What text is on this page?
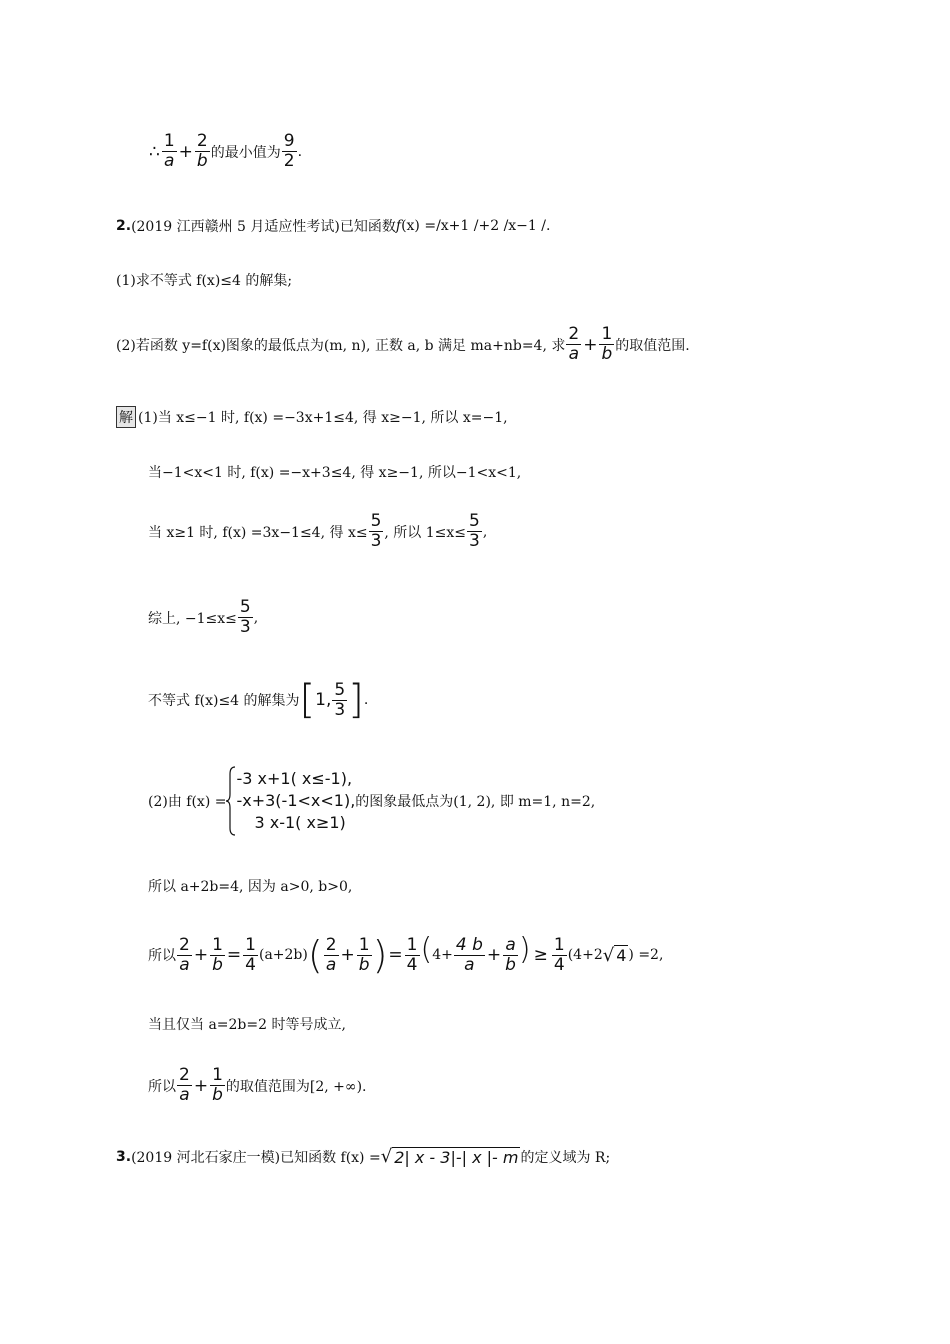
∴ $\frac{1}{a} + \frac{2}{b}$ 的最小值为 $\frac{9}{2}$ .
2. (2019 江西赣州 5 月适应性考试)已知函数 f (x) =/x+1 /+2 /x−1 /.
(1)求不等式 f(x)≤4 的解集;
(2)若函数 y=f(x)图象的最低点为(m, n), 正数 a, b 满足 ma+nb=4, 求 $\frac{2}{a} + \frac{1}{b}$ 的取值范围.
解 (1)当 x≤−1 时, f(x) =−3x+1≤4, 得 x≥−1, 所以 x=−1,
当−1<x<1 时, f(x) =−x+3≤4, 得 x≥−1, 所以−1<x<1,
当 x≥1 时, f(x) =3x−1≤4, 得 $x\le \frac{5}{3}$ , 所以 $1\le x\le \frac{5}{3}$ ,
综上, $-1\le x\le \frac{5}{3}$ ,
不等式 f(x)≤4 的解集为 [ 1, $\frac{5}{3}$ ] .
(2)由 f(x) =
-3 x+1( x≤-1),
-x+3(-1<x<1),
3 x-1( x≥1)
的图象最低点为(1, 2), 即 m=1, n=2,
所以 a+2b=4, 因为 a>0, b>0,
所以 $\frac{2}{a} + \frac{1}{b} = \frac{1}{4} (a+2b)$ ( $\frac{2}{a} + \frac{1}{b}$ ) = $\frac{1}{4}$ ( $4+ \frac{4 b}{a} + \frac{a}{b}$ ) ≥ $\frac{1}{4} (4+2$ √ 4 ) =2,
当且仅当 a=2b=2 时等号成立,
所以 $\frac{2}{a} + \frac{1}{b}$ 的取值范围为[2, +∞).
3. (2019 河北石家庄一模)已知函数 f(x) = √ 2| x - 3|-| x |- m 的定义域为 R;
